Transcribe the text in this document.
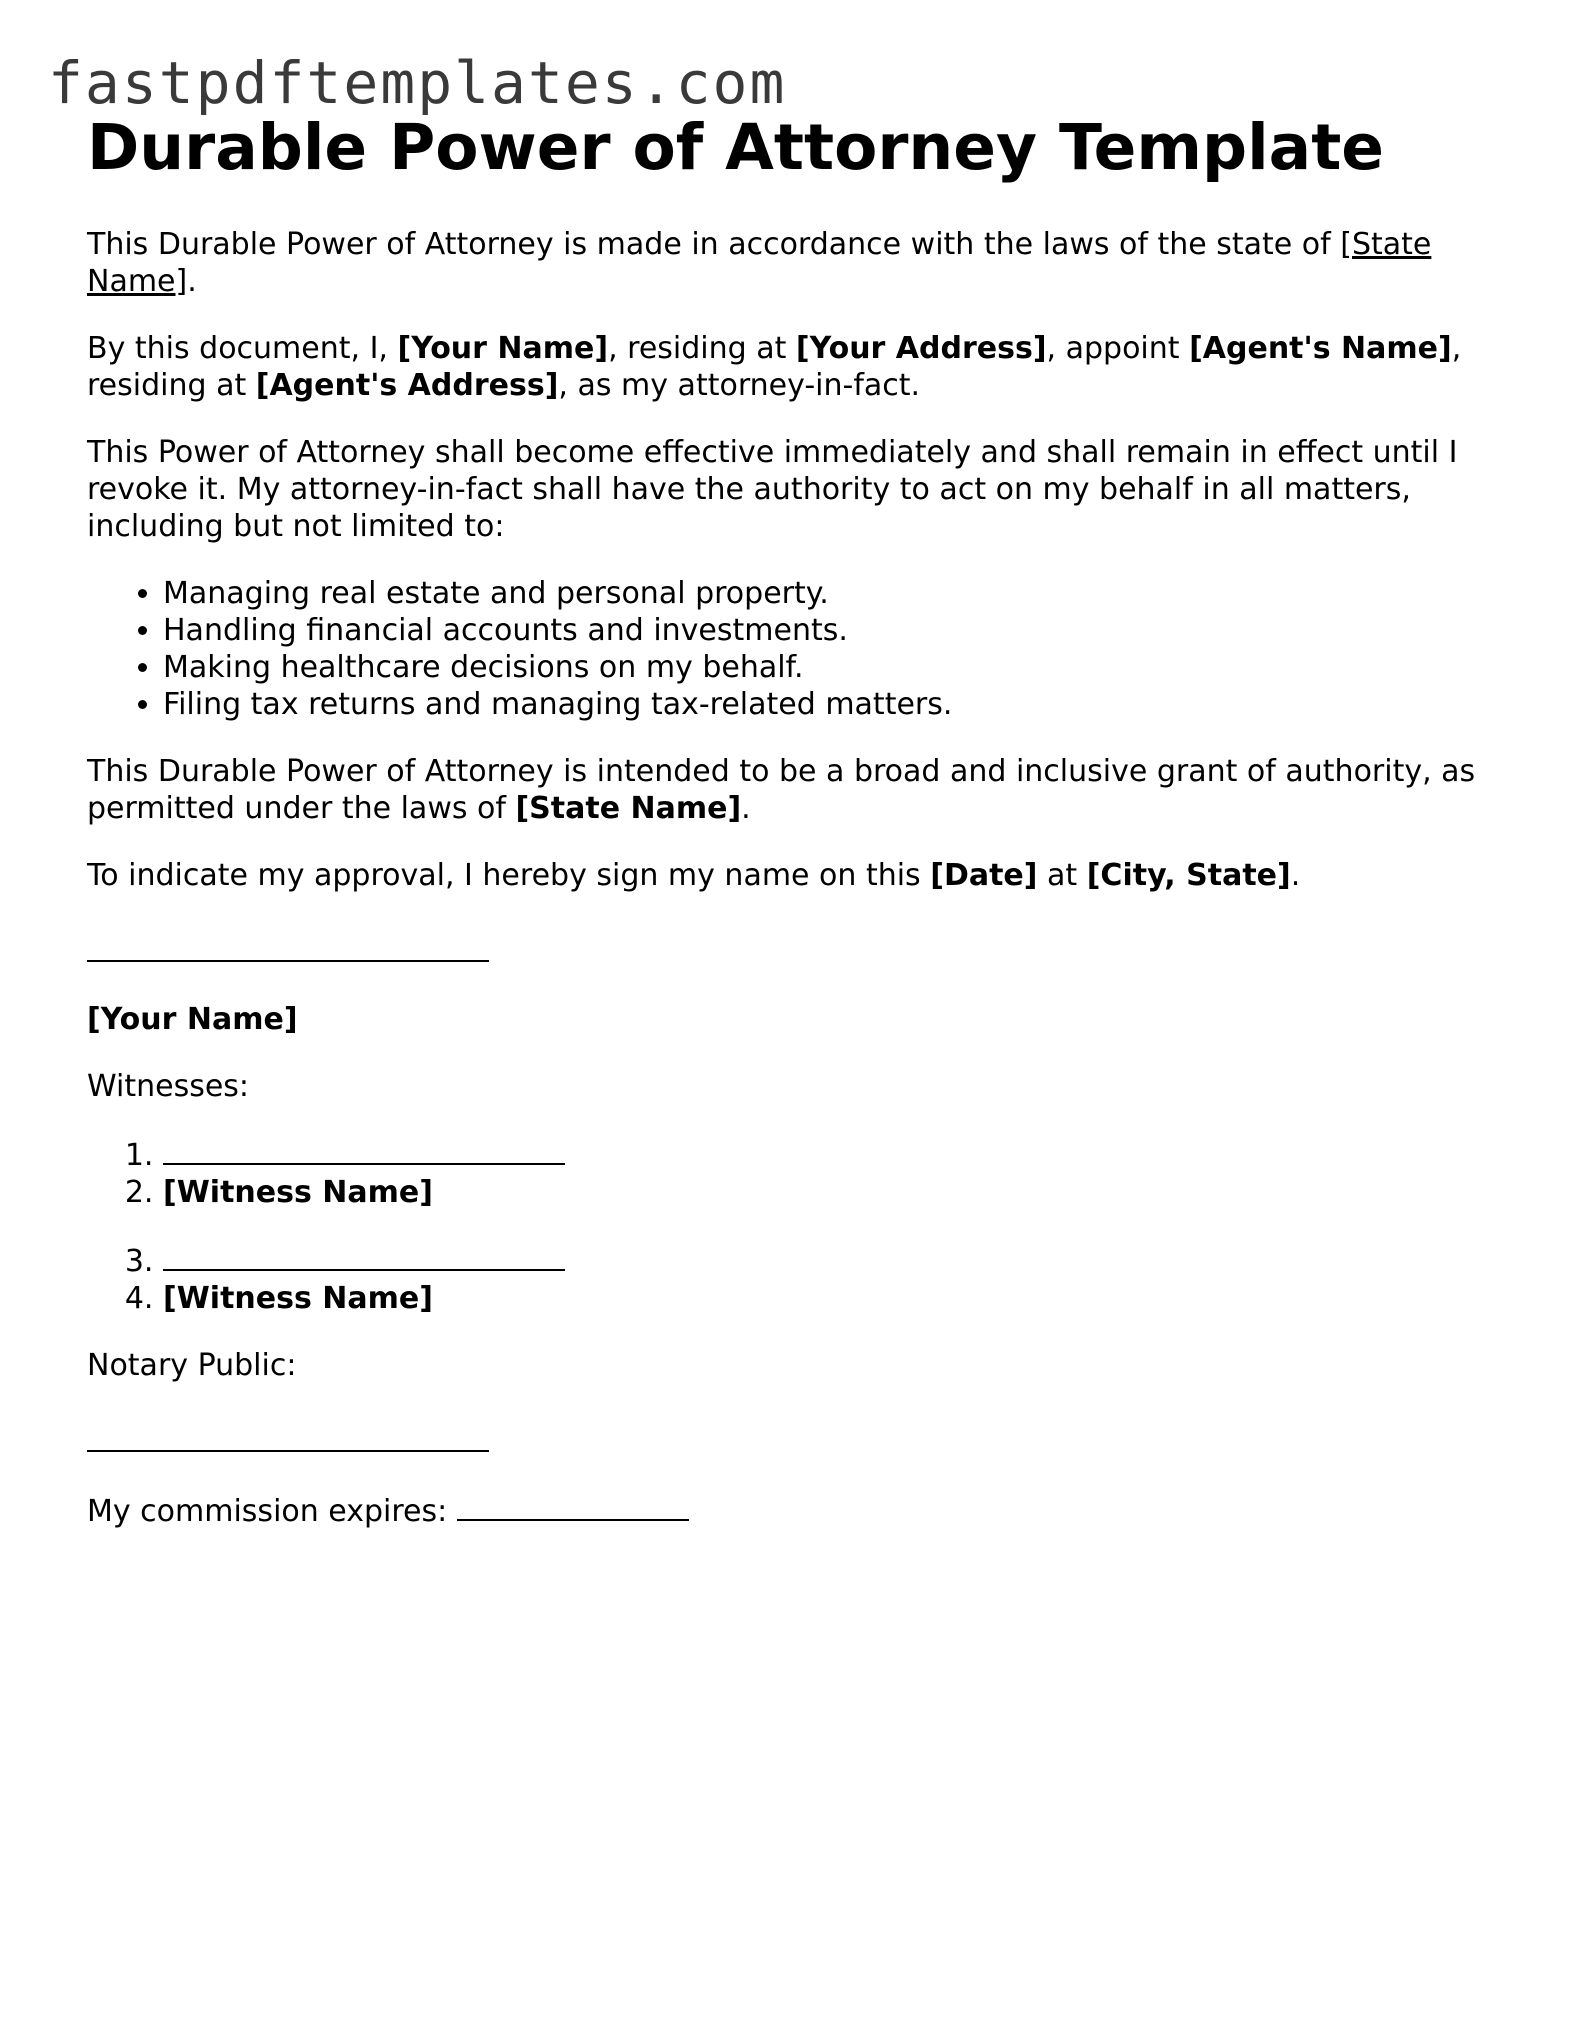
fastpdftemplates.com
Durable Power of Attorney Template

This Durable Power of Attorney is made in accordance with the laws of the state of [State Name].

By this document, I, [Your Name], residing at [Your Address], appoint [Agent's Name], residing at [Agent's Address], as my attorney-in-fact.

This Power of Attorney shall become effective immediately and shall remain in effect until I revoke it. My attorney-in-fact shall have the authority to act on my behalf in all matters, including but not limited to:

• Managing real estate and personal property.
• Handling financial accounts and investments.
• Making healthcare decisions on my behalf.
• Filing tax returns and managing tax-related matters.

This Durable Power of Attorney is intended to be a broad and inclusive grant of authority, as permitted under the laws of [State Name].

To indicate my approval, I hereby sign my name on this [Date] at [City, State].

[Your Name]

Witnesses:

1.
2. [Witness Name]
3.
4. [Witness Name]

Notary Public:

My commission expires:
